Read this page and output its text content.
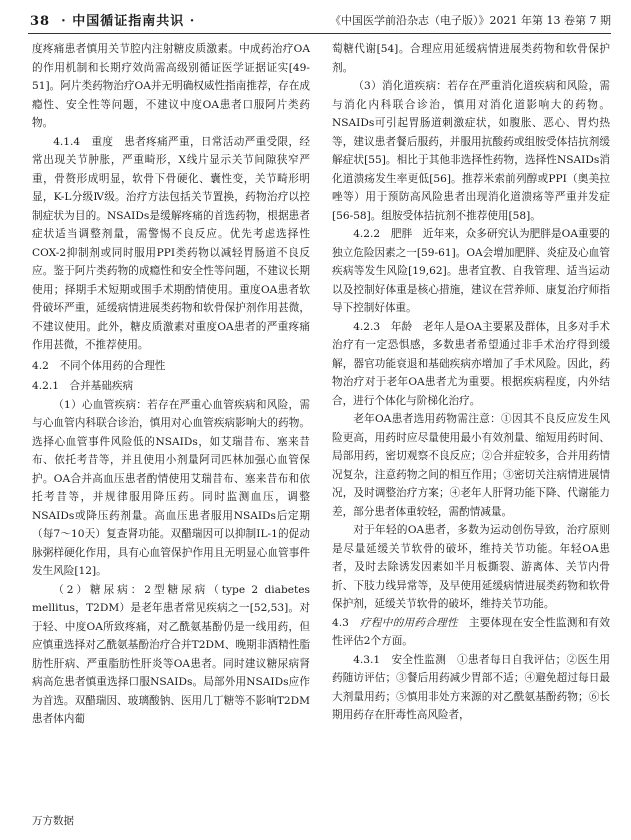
38 · 中国循证指南共识 ·	《中国医学前沿杂志（电子版）》2021 年第 13 卷第 7 期

度疼痛患者慎用关节腔内注射糖皮质激素。中成药治疗OA的作用机制和长期疗效尚需高级别循证医学证据证实[49-51]。阿片类药物治疗OA并无明确权威性指南推荐，存在成瘾性、安全性等问题，不建议中度OA患者口服阿片类药物。

4.1.4　重度　患者疼痛严重，日常活动严重受限，经常出现关节肿胀，严重畸形，X线片显示关节间隙狭窄严重，骨赘形成明显，软骨下骨硬化、囊性变，关节畸形明显，K-L分级Ⅳ级。治疗方法包括关节置换，药物治疗以控制症状为目的。NSAIDs是缓解疼痛的首选药物，根据患者症状适当调整剂量，需警惕不良反应。优先考虑选择性COX-2抑制剂或同时服用PPI类药物以减轻胃肠道不良反应。鉴于阿片类药物的成瘾性和安全性等问题，不建议长期使用；择期手术短期或围手术期酌情使用。重度OA患者软骨破坏严重，延缓病情进展类药物和软骨保护剂作用甚微，不建议使用。此外，糖皮质激素对重度OA患者的严重疼痛作用甚微，不推荐使用。

4.2　不同个体用药的合理性
4.2.1　合并基础疾病

（1）心血管疾病：若存在严重心血管疾病和风险，需与心血管内科联合诊治，慎用对心血管疾病影响大的药物。选择心血管事件风险低的NSAIDs，如艾瑞昔布、塞来昔布、依托考昔等，并且使用小剂量阿司匹林加强心血管保护。OA合并高血压患者酌情使用艾瑞昔布、塞来昔布和依托考昔等，并规律服用降压药。同时监测血压，调整NSAIDs或降压药剂量。高血压患者服用NSAIDs后定期（每7～10天）复查肾功能。双醋瑞因可以抑制IL-1的促动脉粥样硬化作用，具有心血管保护作用且无明显心血管事件发生风险[12]。

（2）糖尿病：2型糖尿病（type 2 diabetes mellitus，T2DM）是老年患者常见疾病之一[52,53]。对于轻、中度OA所致疼痛，对乙酰氨基酚仍是一线用药，但应慎重选择对乙酰氨基酚治疗合并T2DM、晚期非酒精性脂肪性肝病、严重脂肪性肝炎等OA患者。同时建议糖尿病肾病高危患者慎重选择口服NSAIDs。局部外用NSAIDs应作为首选。双醋瑞因、玻璃酸钠、医用几丁糖等不影响T2DM患者体内葡

萄糖代谢[54]。合理应用延缓病情进展类药物和软骨保护剂。

（3）消化道疾病：若存在严重消化道疾病和风险，需与消化内科联合诊治，慎用对消化道影响大的药物。NSAIDs可引起胃肠道刺激症状，如腹胀、恶心、胃灼热等，建议患者餐后服药，并服用抗酸药或组胺受体拮抗剂缓解症状[55]。相比于其他非选择性药物，选择性NSAIDs消化道溃疡发生率更低[56]。推荐米索前列醇或PPI（奥美拉唑等）用于预防高风险患者出现消化道溃疡等严重并发症[56-58]。组胺受体拮抗剂不推荐使用[58]。

4.2.2　肥胖　近年来，众多研究认为肥胖是OA重要的独立危险因素之一[59-61]。OA会增加肥胖、炎症及心血管疾病等发生风险[19,62]。患者宜教、自我管理、适当运动以及控制好体重是核心措施，建议在营养师、康复治疗师指导下控制好体重。

4.2.3　年龄　老年人是OA主要累及群体，且多对手术治疗有一定恐惧感，多数患者希望通过非手术治疗得到缓解，器官功能衰退和基础疾病亦增加了手术风险。因此，药物治疗对于老年OA患者尤为重要。根据疾病程度，内外结合，进行个体化与阶梯化治疗。

老年OA患者选用药物需注意：①因其不良反应发生风险更高，用药时应尽量使用最小有效剂量、缩短用药时间、局部用药，密切观察不良反应；②合并症较多，合并用药情况复杂，注意药物之间的相互作用；③密切关注病情进展情况，及时调整治疗方案；④老年人肝肾功能下降、代谢能力差，部分患者体重较轻，需酌情减量。

对于年轻的OA患者，多数为运动创伤导致，治疗原则是尽量延缓关节软骨的破坏，维持关节功能。年轻OA患者，及时去除诱发因素如半月板撕裂、游离体、关节内骨折、下肢力线异常等，及早使用延缓病情进展类药物和软骨保护剂，延缓关节软骨的破坏，维持关节功能。

4.3　疗程中的用药合理性　主要体现在安全性监测和有效性评估2个方面。

4.3.1　安全性监测　①患者每日自我评估；②医生用药随访评估；③餐后用药减少胃部不适；④避免超过每日最大剂量用药；⑤慎用非处方来源的对乙酰氨基酚药物；⑥长期用药存在肝毒性高风险者，

万方数据
